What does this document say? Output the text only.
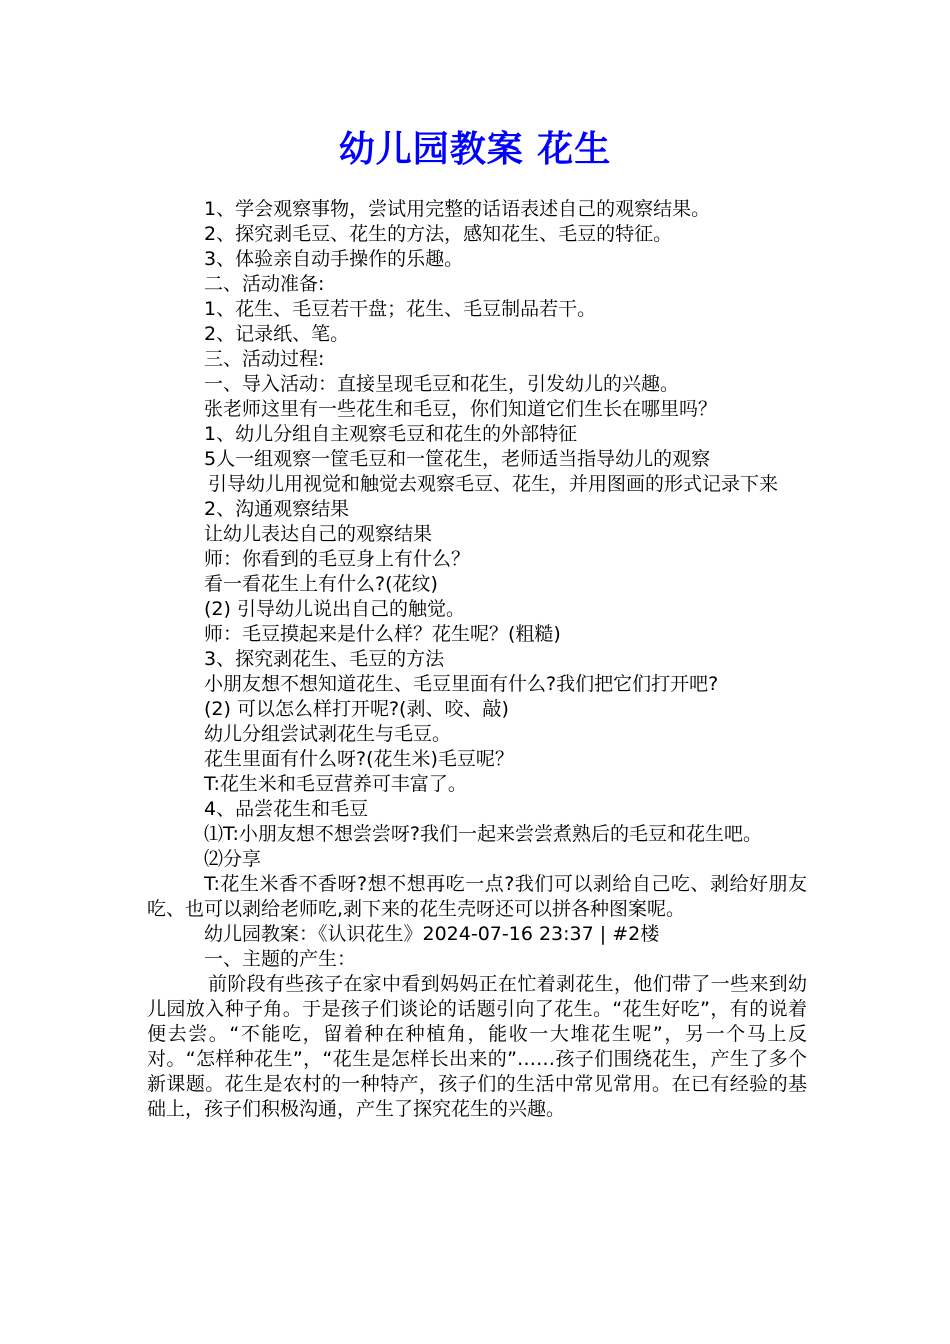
幼儿园教案 花生

1、学会观察事物，尝试用完整的话语表述自己的观察结果。

2、探究剥毛豆、花生的方法，感知花生、毛豆的特征。

3、体验亲自动手操作的乐趣。

二、活动准备:

1、花生、毛豆若干盘；花生、毛豆制品若干。

2、记录纸、笔。

三、活动过程:

一、导入活动：直接呈现毛豆和花生，引发幼儿的兴趣。

张老师这里有一些花生和毛豆，你们知道它们生长在哪里吗？

1、幼儿分组自主观察毛豆和花生的外部特征

5人一组观察一筐毛豆和一筐花生，老师适当指导幼儿的观察

引导幼儿用视觉和触觉去观察毛豆、花生，并用图画的形式记录下来

2、沟通观察结果

让幼儿表达自己的观察结果

师：你看到的毛豆身上有什么？

看一看花生上有什么?(花纹)

(2) 引导幼儿说出自己的触觉。

师：毛豆摸起来是什么样？花生呢？(粗糙)

3、探究剥花生、毛豆的方法

小朋友想不想知道花生、毛豆里面有什么?我们把它们打开吧?

(2) 可以怎么样打开呢?(剥、咬、敲)

幼儿分组尝试剥花生与毛豆。

花生里面有什么呀?(花生米)毛豆呢？

T:花生米和毛豆营养可丰富了。

4、品尝花生和毛豆

⑴T:小朋友想不想尝尝呀?我们一起来尝尝煮熟后的毛豆和花生吧。

⑵分享

T:花生米香不香呀?想不想再吃一点?我们可以剥给自己吃、剥给好朋友吃、也可以剥给老师吃,剥下来的花生壳呀还可以拼各种图案呢。

幼儿园教案：《认识花生》2024-07-16 23:37 | #2楼

一、主题的产生：

前阶段有些孩子在家中看到妈妈正在忙着剥花生，他们带了一些来到幼儿园放入种子角。于是孩子们谈论的话题引向了花生。“花生好吃”，有的说着便去尝。“不能吃，留着种在种植角，能收一大堆花生呢”，另一个马上反对。“怎样种花生”，“花生是怎样长出来的”……孩子们围绕花生，产生了多个新课题。花生是农村的一种特产，孩子们的生活中常见常用。在已有经验的基础上，孩子们积极沟通，产生了探究花生的兴趣。
